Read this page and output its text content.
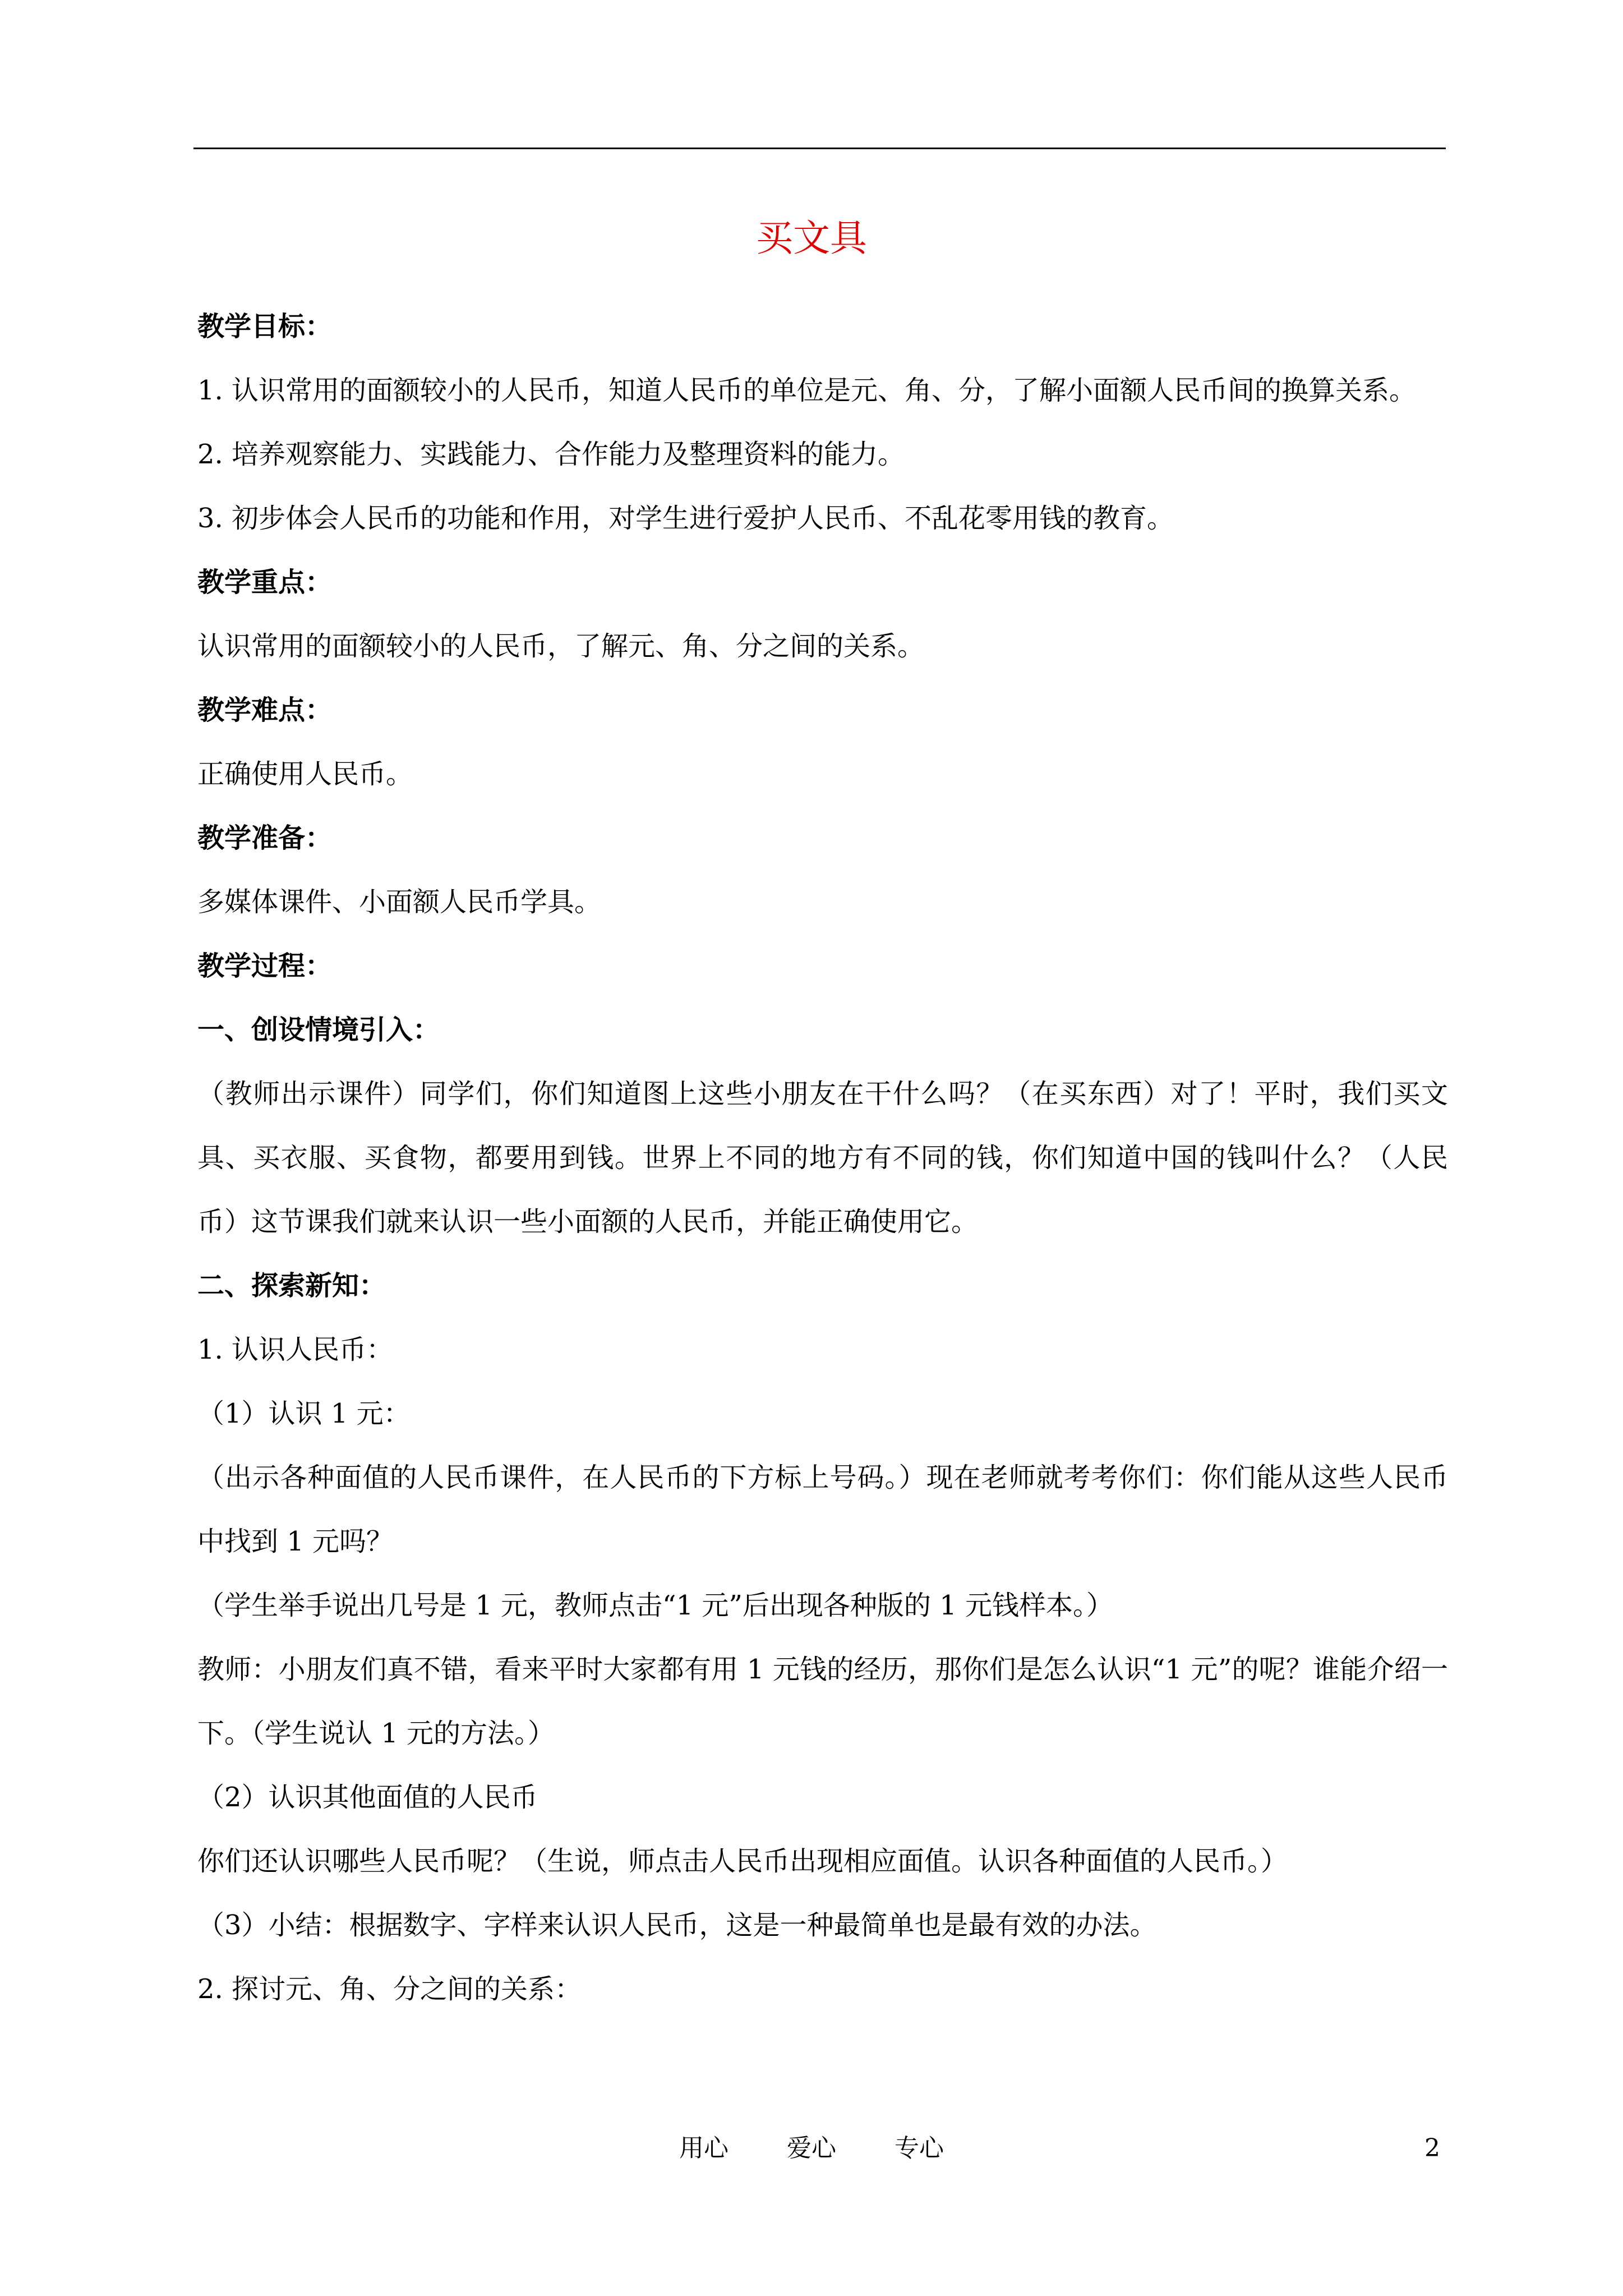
买文具

教学目标：

1. 认识常用的面额较小的人民币，知道人民币的单位是元、角、分，了解小面额人民币间的换算关系。

2. 培养观察能力、实践能力、合作能力及整理资料的能力。

3. 初步体会人民币的功能和作用，对学生进行爱护人民币、不乱花零用钱的教育。

教学重点：

认识常用的面额较小的人民币，了解元、角、分之间的关系。

教学难点：

正确使用人民币。

教学准备：

多媒体课件、小面额人民币学具。

教学过程：

一、创设情境引入：

（教师出示课件）同学们，你们知道图上这些小朋友在干什么吗？（在买东西）对了！平时，我们买文具、买衣服、买食物，都要用到钱。世界上不同的地方有不同的钱，你们知道中国的钱叫什么？（人民币）这节课我们就来认识一些小面额的人民币，并能正确使用它。

二、探索新知：

1. 认识人民币：

（1）认识 1 元：

（出示各种面值的人民币课件，在人民币的下方标上号码。）现在老师就考考你们：你们能从这些人民币中找到 1 元吗？

（学生举手说出几号是 1 元，教师点击“1 元”后出现各种版的 1 元钱样本。）

教师：小朋友们真不错，看来平时大家都有用 1 元钱的经历，那你们是怎么认识“1 元”的呢？谁能介绍一下。（学生说认 1 元的方法。）

（2）认识其他面值的人民币

你们还认识哪些人民币呢？（生说，师点击人民币出现相应面值。认识各种面值的人民币。）

（3）小结：根据数字、字样来认识人民币，这是一种最简单也是最有效的办法。

2. 探讨元、角、分之间的关系：

用心 爱心 专心	2
